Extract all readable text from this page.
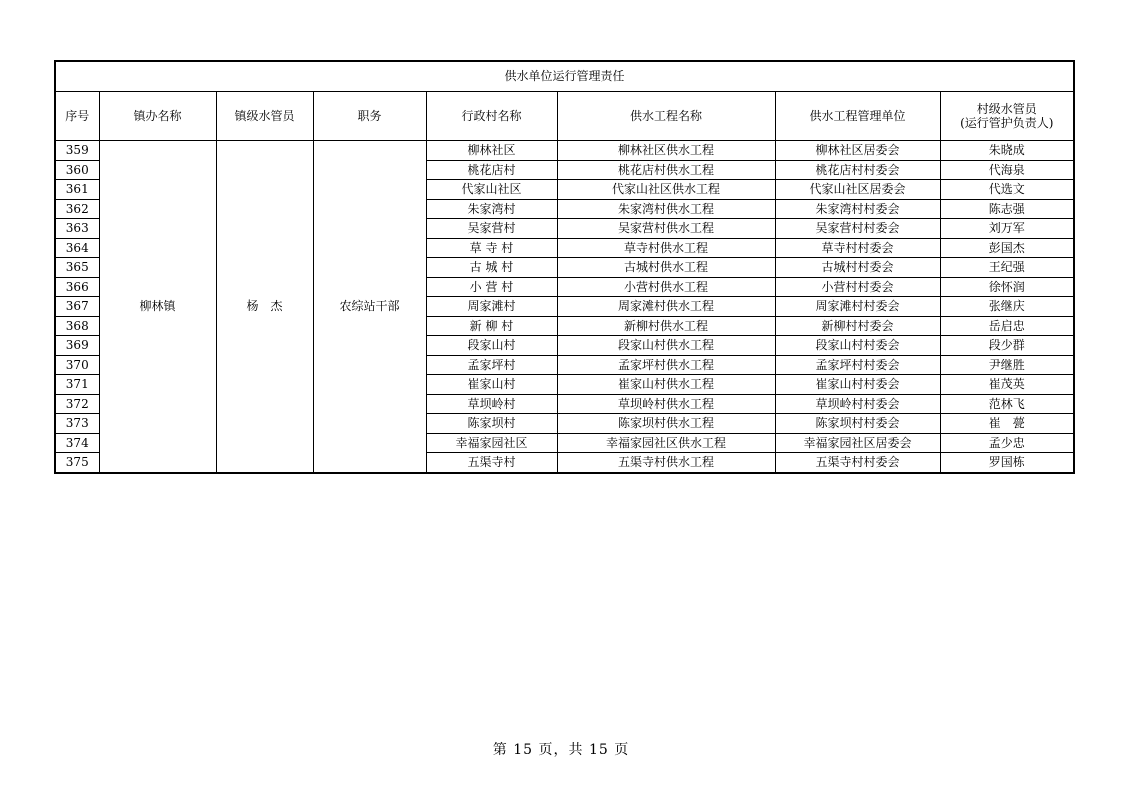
供水单位运行管理责任							
序号	镇办名称	镇级水管员	职务	行政村名称	供水工程名称	供水工程管理单位	村级水管员
(运行管护负责人)

359	柳林镇	杨　杰	农综站干部	柳林社区	柳林社区供水工程	柳林社区居委会	朱晓成
360				桃花店村	桃花店村供水工程	桃花店村村委会	代海泉
361				代家山社区	代家山社区供水工程	代家山社区居委会	代选文
362				朱家湾村	朱家湾村供水工程	朱家湾村村委会	陈志强
363				吴家营村	吴家营村供水工程	吴家营村村委会	刘万军
364				草 寺 村	草寺村供水工程	草寺村村委会	彭国杰
365				古 城 村	古城村供水工程	古城村村委会	王纪强
366				小 营 村	小营村供水工程	小营村村委会	徐怀润
367				周家滩村	周家滩村供水工程	周家滩村村委会	张继庆
368				新 柳 村	新柳村供水工程	新柳村村委会	岳启忠
369				段家山村	段家山村供水工程	段家山村村委会	段少群
370				孟家坪村	孟家坪村供水工程	孟家坪村村委会	尹继胜
371				崔家山村	崔家山村供水工程	崔家山村村委会	崔茂英
372				草坝岭村	草坝岭村供水工程	草坝岭村村委会	范林飞
373				陈家坝村	陈家坝村供水工程	陈家坝村村委会	崔　甍
374				幸福家园社区	幸福家园社区供水工程	幸福家园社区居委会	孟少忠
375				五渠寺村	五渠寺村供水工程	五渠寺村村委会	罗国栋
第 15 页，共 15 页
